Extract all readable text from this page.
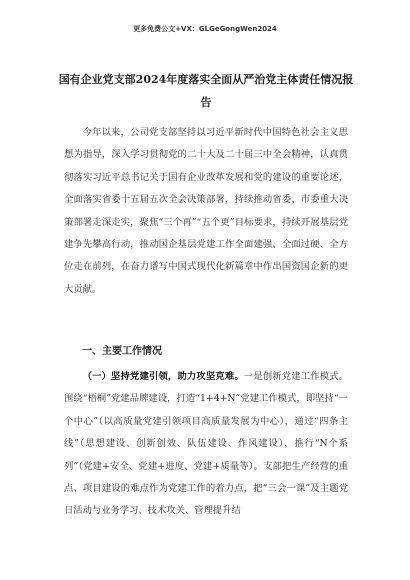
更多免费公文+VX：GLGeGongWen2024
国有企业党支部2024年度落实全面从严治党主体责任情况报告
今年以来，公司党支部坚持以习近平新时代中国特色社会主义思想为指导，深入学习贯彻党的二十大及二十届三中全会精神，认真贯彻落实习近平总书记关于国有企业改革发展和党的建设的重要论述，全面落实省委十五届五次全会决策部署，持续推动省委、市委重大决策部署走深走实，聚焦“三个再”“五个更”目标要求，持续开展基层党建争先攀高行动，推动国企基层党建工作全面建强、全面过硬、全方位走在前列，在奋力谱写中国式现代化新篇章中作出国资国企新的更大贡献。
一、主要工作情况
（一）坚持党建引领，助力攻坚克难。一是创新党建工作模式。围绕“梧桐”党建品牌建设，打造“1+4+N”党建工作模式，即坚持“一个中心”（以高质量党建引领项目高质量发展为中心），通过“四条主线”（思想建设、创新创效、队伍建设、作风建设），推行“N个系列”（党建+安全、党建+进度、党建+质量等）。支部把生产经营的重点、项目建设的难点作为党建工作的着力点，把“三会一课”及主题党日活动与业务学习、技术攻关、管理提升结
